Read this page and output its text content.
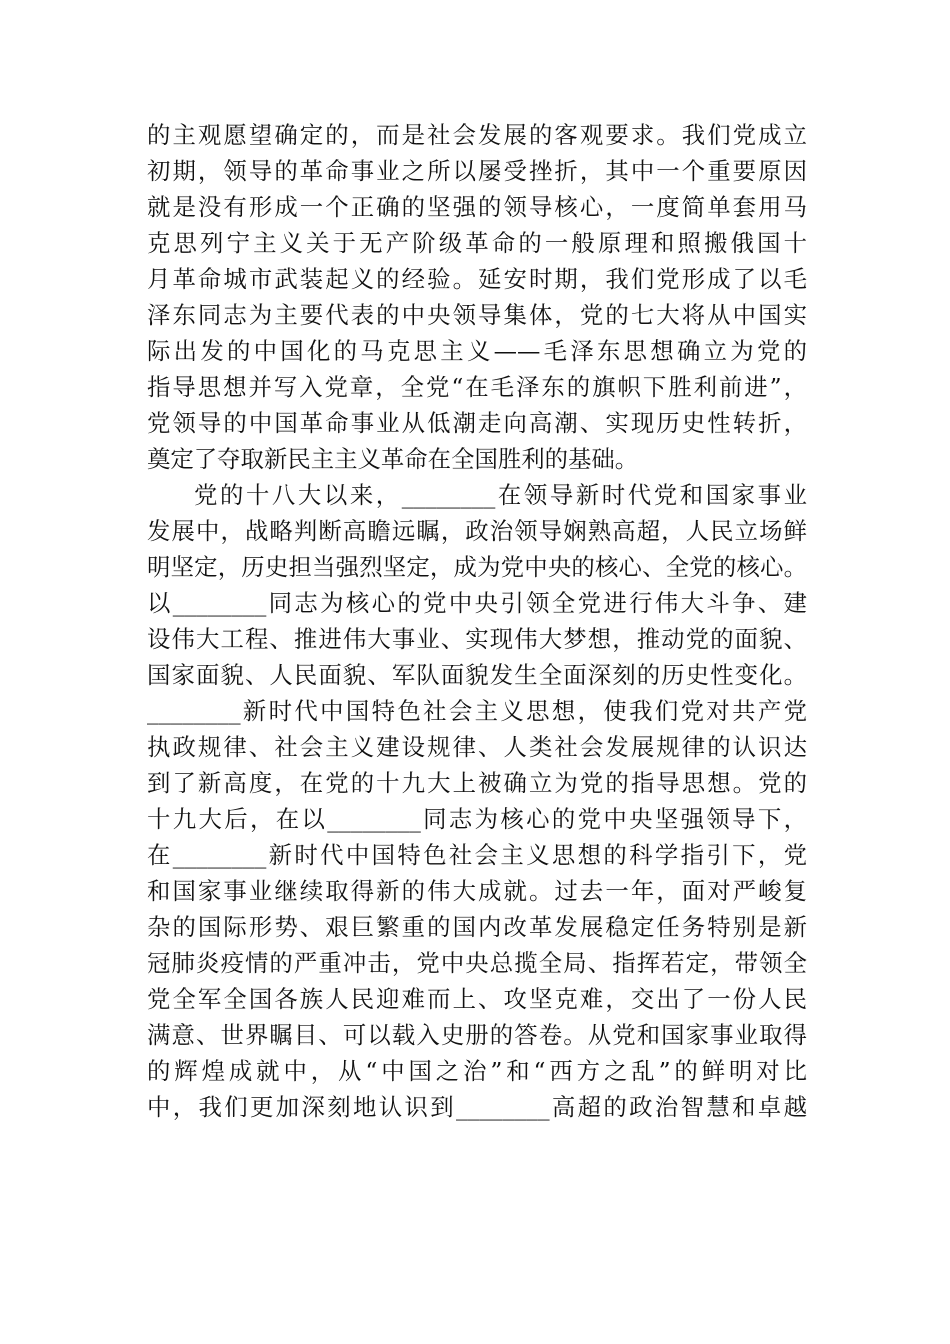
的主观愿望确定的，而是社会发展的客观要求。我们党成立
初期，领导的革命事业之所以屡受挫折，其中一个重要原因
就是没有形成一个正确的坚强的领导核心，一度简单套用马
克思列宁主义关于无产阶级革命的一般原理和照搬俄国十
月革命城市武装起义的经验。延安时期，我们党形成了以毛
泽东同志为主要代表的中央领导集体，党的七大将从中国实
际出发的中国化的马克思主义——毛泽东思想确立为党的
指导思想并写入党章，全党“在毛泽东的旗帜下胜利前进”，
党领导的中国革命事业从低潮走向高潮、实现历史性转折，
奠定了夺取新民主主义革命在全国胜利的基础。
党的十八大以来，________在领导新时代党和国家事业
发展中，战略判断高瞻远瞩，政治领导娴熟高超，人民立场鲜
明坚定，历史担当强烈坚定，成为党中央的核心、全党的核心。
以________同志为核心的党中央引领全党进行伟大斗争、建
设伟大工程、推进伟大事业、实现伟大梦想，推动党的面貌、
国家面貌、人民面貌、军队面貌发生全面深刻的历史性变化。
________新时代中国特色社会主义思想，使我们党对共产党
执政规律、社会主义建设规律、人类社会发展规律的认识达
到了新高度，在党的十九大上被确立为党的指导思想。党的
十九大后，在以________同志为核心的党中央坚强领导下，
在________新时代中国特色社会主义思想的科学指引下，党
和国家事业继续取得新的伟大成就。过去一年，面对严峻复
杂的国际形势、艰巨繁重的国内改革发展稳定任务特别是新
冠肺炎疫情的严重冲击，党中央总揽全局、指挥若定，带领全
党全军全国各族人民迎难而上、攻坚克难，交出了一份人民
满意、世界瞩目、可以载入史册的答卷。从党和国家事业取得
的辉煌成就中，从“中国之治”和“西方之乱”的鲜明对比
中，我们更加深刻地认识到________高超的政治智慧和卓越
